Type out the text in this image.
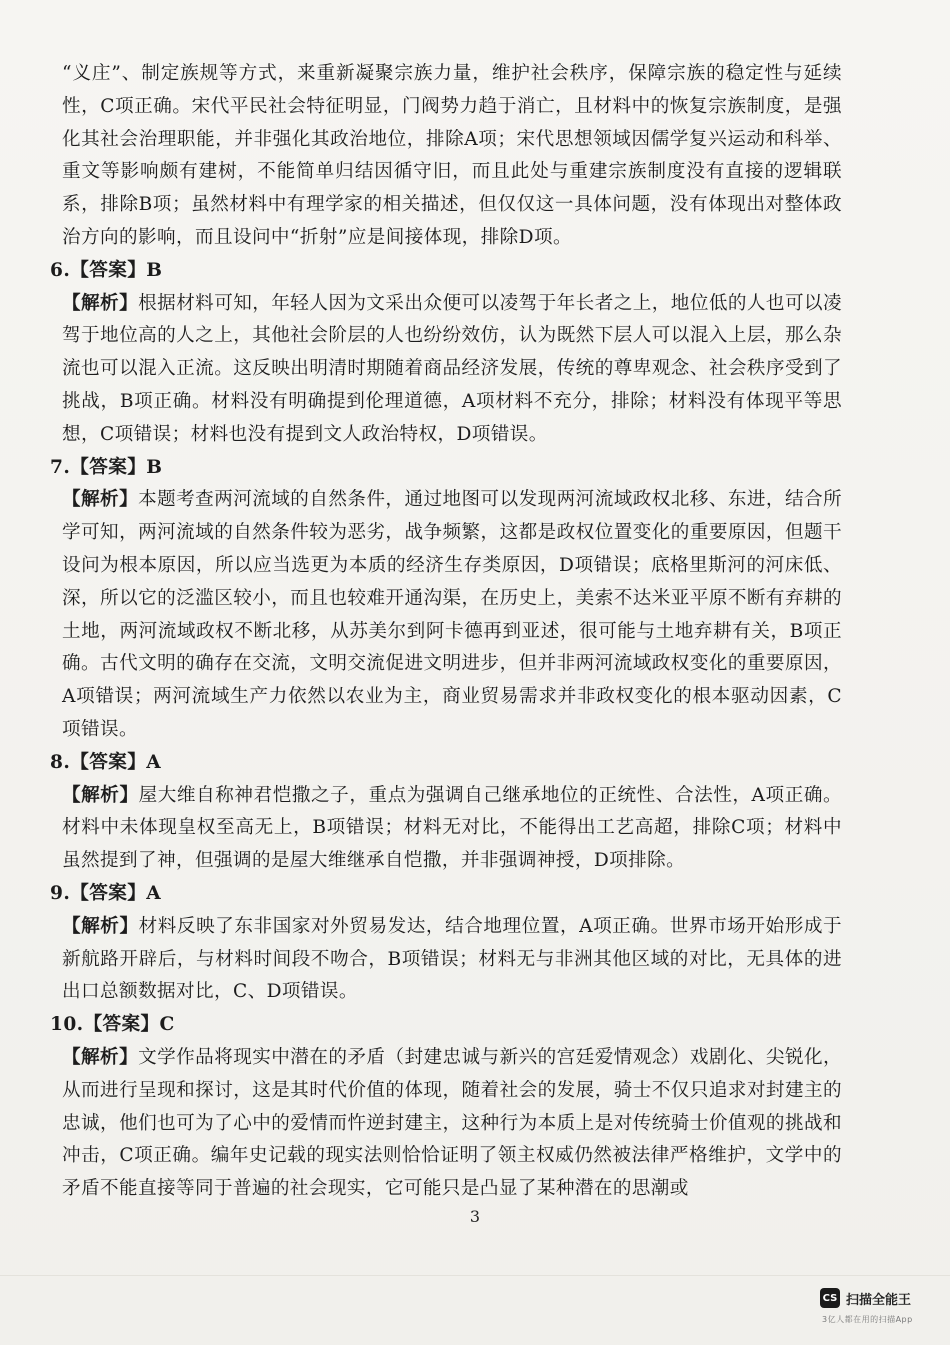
“义庄”、制定族规等方式，来重新凝聚宗族力量，维护社会秩序，保障宗族的稳定性与延续性，C项正确。宋代平民社会特征明显，门阀势力趋于消亡，且材料中的恢复宗族制度，是强化其社会治理职能，并非强化其政治地位，排除A项；宋代思想领域因儒学复兴运动和科举、重文等影响颇有建树，不能简单归结因循守旧，而且此处与重建宗族制度没有直接的逻辑联系，排除B项；虽然材料中有理学家的相关描述，但仅仅这一具体问题，没有体现出对整体政治方向的影响，而且设问中“折射”应是间接体现，排除D项。

6.【答案】B

【解析】根据材料可知，年轻人因为文采出众便可以凌驾于年长者之上，地位低的人也可以凌驾于地位高的人之上，其他社会阶层的人也纷纷效仿，认为既然下层人可以混入上层，那么杂流也可以混入正流。这反映出明清时期随着商品经济发展，传统的尊卑观念、社会秩序受到了挑战，B项正确。材料没有明确提到伦理道德，A项材料不充分，排除；材料没有体现平等思想，C项错误；材料也没有提到文人政治特权，D项错误。

7.【答案】B

【解析】本题考查两河流域的自然条件，通过地图可以发现两河流域政权北移、东进，结合所学可知，两河流域的自然条件较为恶劣，战争频繁，这都是政权位置变化的重要原因，但题干设问为根本原因，所以应当选更为本质的经济生存类原因，D项错误；底格里斯河的河床低、深，所以它的泛滥区较小，而且也较难开通沟渠，在历史上，美索不达米亚平原不断有弃耕的土地，两河流域政权不断北移，从苏美尔到阿卡德再到亚述，很可能与土地弃耕有关，B项正确。古代文明的确存在交流，文明交流促进文明进步，但并非两河流域政权变化的重要原因，A项错误；两河流域生产力依然以农业为主，商业贸易需求并非政权变化的根本驱动因素，C项错误。

8.【答案】A

【解析】屋大维自称神君恺撒之子，重点为强调自己继承地位的正统性、合法性，A项正确。材料中未体现皇权至高无上，B项错误；材料无对比，不能得出工艺高超，排除C项；材料中虽然提到了神，但强调的是屋大维继承自恺撒，并非强调神授，D项排除。

9.【答案】A

【解析】材料反映了东非国家对外贸易发达，结合地理位置，A项正确。世界市场开始形成于新航路开辟后，与材料时间段不吻合，B项错误；材料无与非洲其他区域的对比，无具体的进出口总额数据对比，C、D项错误。

10.【答案】C

【解析】文学作品将现实中潜在的矛盾（封建忠诚与新兴的宫廷爱情观念）戏剧化、尖锐化，从而进行呈现和探讨，这是其时代价值的体现，随着社会的发展，骑士不仅只追求对封建主的忠诚，他们也可为了心中的爱情而忤逆封建主，这种行为本质上是对传统骑士价值观的挑战和冲击，C项正确。编年史记载的现实法则恰恰证明了领主权威仍然被法律严格维护，文学中的矛盾不能直接等同于普遍的社会现实，它可能只是凸显了某种潜在的思潮或

3
CS 扫描全能王
3亿人都在用的扫描App
